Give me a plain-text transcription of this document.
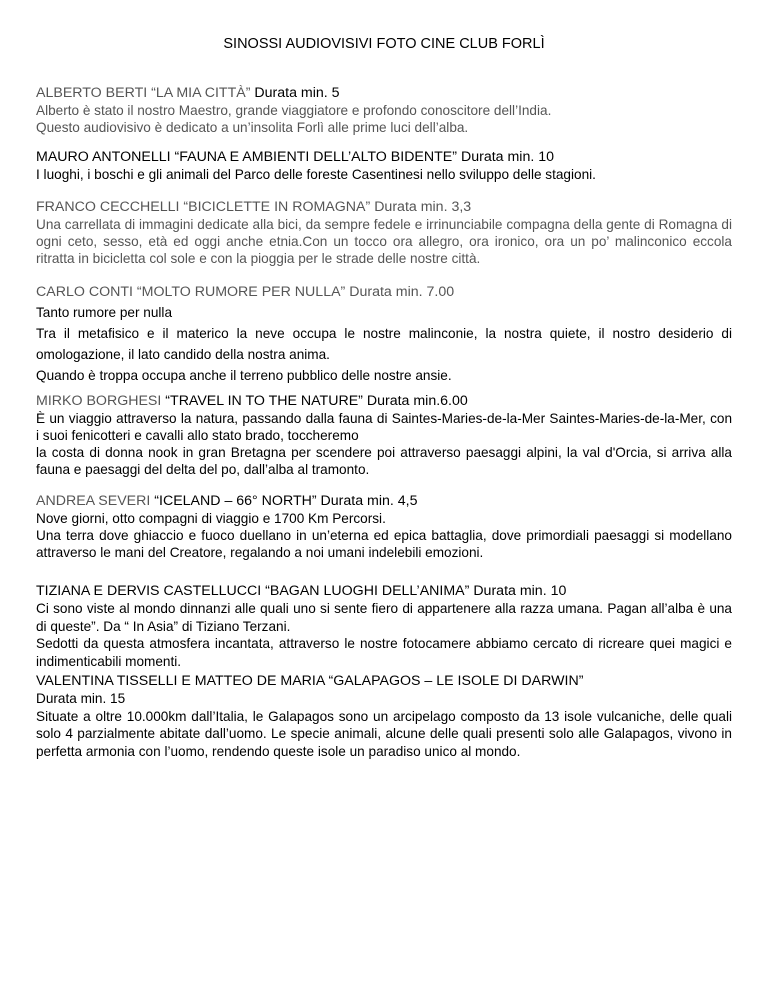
SINOSSI AUDIOVISIVI FOTO CINE CLUB FORLÌ
ALBERTO BERTI “LA MIA CITTÀ” Durata min. 5

Alberto è stato il nostro Maestro, grande viaggiatore e profondo conoscitore dell’India.

Questo audiovisivo è dedicato a un’insolita Forlì alle prime luci dell’alba.

MAURO ANTONELLI “FAUNA E AMBIENTI DELL’ALTO BIDENTE” Durata min. 10

I luoghi, i boschi e gli animali del Parco delle foreste Casentinesi nello sviluppo delle stagioni.

FRANCO CECCHELLI “BICICLETTE IN ROMAGNA” Durata min. 3,3

Una carrellata di immagini dedicate alla bici, da sempre fedele e irrinunciabile compagna della gente di Romagna di ogni ceto, sesso, età ed oggi anche etnia.Con un tocco ora allegro, ora ironico, ora un po’ malinconico eccola ritratta in bicicletta col sole e con la pioggia per le strade delle nostre città.

CARLO CONTI “MOLTO RUMORE PER NULLA” Durata min. 7.00

Tanto rumore per nulla

Tra il metafisico e il materico la neve occupa le nostre malinconie, la nostra quiete, il nostro desiderio di omologazione, il lato candido della nostra anima.

Quando è troppa occupa anche il terreno pubblico delle nostre ansie.

MIRKO BORGHESI “TRAVEL IN TO THE NATURE” Durata min.6.00

È un viaggio attraverso la natura, passando dalla fauna di Saintes-Maries-de-la-Mer Saintes-Maries-de-la-Mer, con i suoi fenicotteri e cavalli allo stato brado, toccheremo

la costa di donna nook in gran Bretagna per scendere poi attraverso paesaggi alpini, la val d'Orcia, si arriva alla fauna e paesaggi del delta del po, dall’alba al tramonto.

ANDREA SEVERI “ICELAND – 66° NORTH” Durata min. 4,5

Nove giorni, otto compagni di viaggio e 1700 Km Percorsi.

Una terra dove ghiaccio e fuoco duellano in un’eterna ed epica battaglia, dove primordiali paesaggi si modellano attraverso le mani del Creatore, regalando a noi umani indelebili emozioni.

TIZIANA E DERVIS CASTELLUCCI “BAGAN LUOGHI DELL’ANIMA” Durata min. 10

Ci sono viste al mondo dinnanzi alle quali uno si sente fiero di appartenere alla razza umana. Pagan all’alba è una di queste”. Da “ In Asia” di Tiziano Terzani.

Sedotti da questa atmosfera incantata, attraverso le nostre fotocamere abbiamo cercato di ricreare quei magici e indimenticabili momenti.

VALENTINA TISSELLI E MATTEO DE MARIA “GALAPAGOS – LE ISOLE DI DARWIN”

Durata min. 15

Situate a oltre 10.000km dall’Italia, le Galapagos sono un arcipelago composto da 13 isole vulcaniche, delle quali solo 4 parzialmente abitate dall’uomo. Le specie animali, alcune delle quali presenti solo alle Galapagos, vivono in perfetta armonia con l’uomo, rendendo queste isole un paradiso unico al mondo.
